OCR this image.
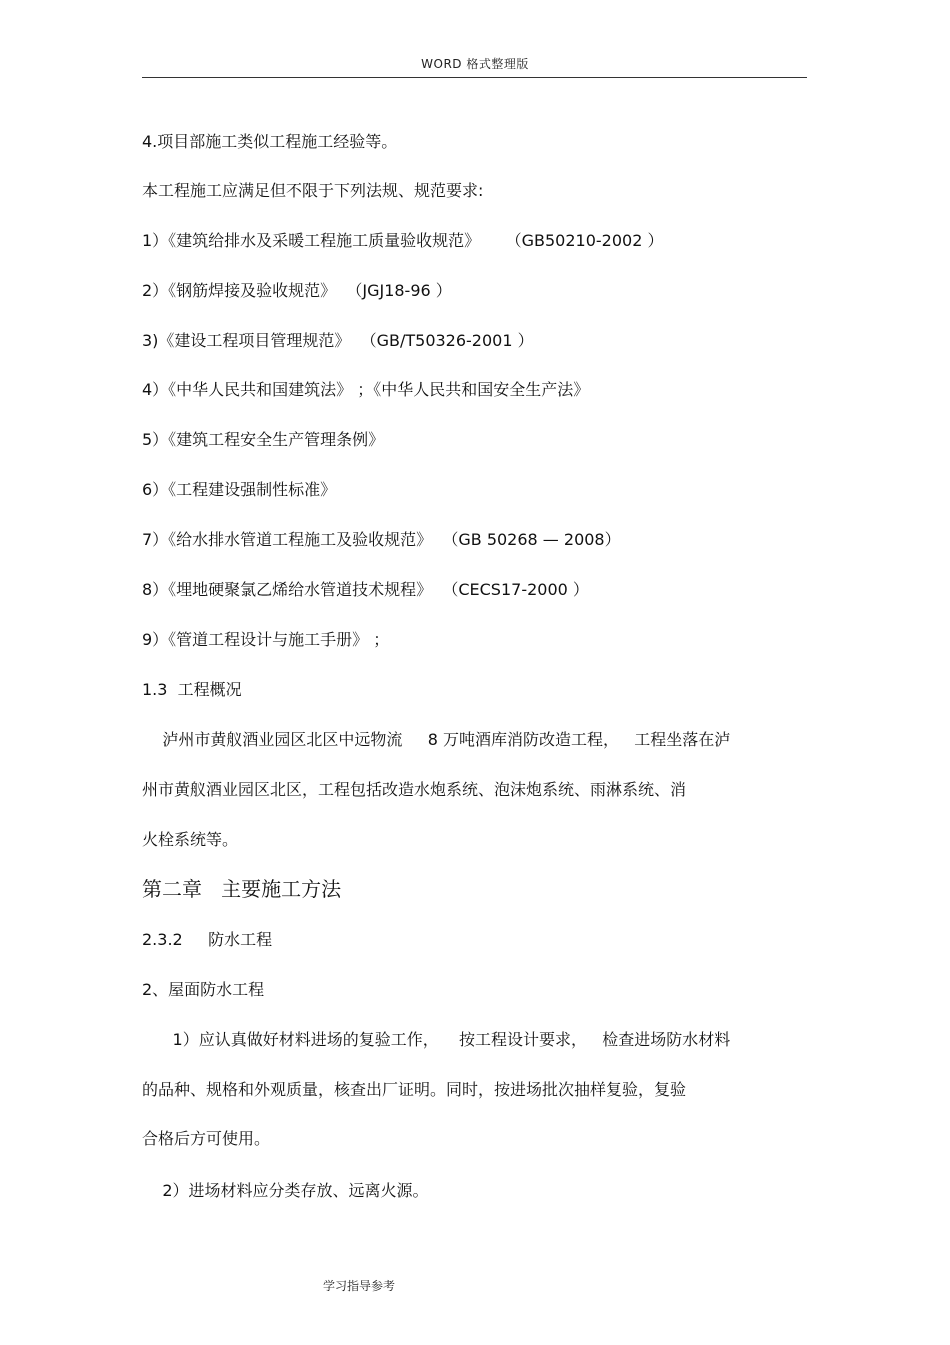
WORD 格式整理版
4.项目部施工类似工程施工经验等。
本工程施工应满足但不限于下列法规、规范要求:
1）《建筑给排水及采暖工程施工质量验收规范》     （GB50210-2002 ）
2）《钢筋焊接及验收规范》  （JGJ18-96 ）
3)《建设工程项目管理规范》  （GB/T50326-2001 ）
4）《中华人民共和国建筑法》 ；《中华人民共和国安全生产法》
5）《建筑工程安全生产管理条例》
6）《工程建设强制性标准》
7）《给水排水管道工程施工及验收规范》  （GB 50268 — 2008）
8）《埋地硬聚氯乙烯给水管道技术规程》  （CECS17-2000 ）
9）《管道工程设计与施工手册》 ；
1.3  工程概况
泸州市黄舣酒业园区北区中远物流     8 万吨酒库消防改造工程，   工程坐落在泸
州市黄舣酒业园区北区，工程包括改造水炮系统、泡沫炮系统、雨淋系统、消
火栓系统等。
第二章   主要施工方法
2.3.2     防水工程
2、屋面防水工程
1）应认真做好材料进场的复验工作，    按工程设计要求，   检查进场防水材料
的品种、规格和外观质量，核查出厂证明。同时，按进场批次抽样复验，复验
合格后方可使用。
2）进场材料应分类存放、远离火源。
学习指导参考
